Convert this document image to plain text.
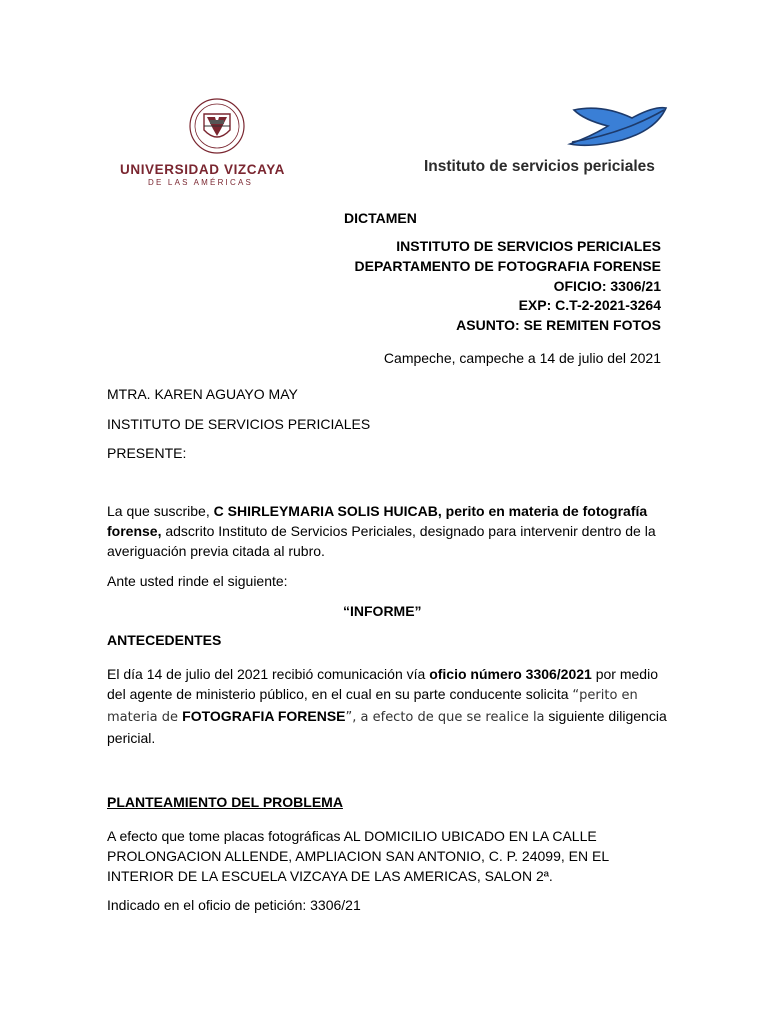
UNIVERSIDAD VIZCAYA
DE LAS AMÉRICAS
Instituto de servicios periciales
DICTAMEN
INSTITUTO DE SERVICIOS PERICIALES
DEPARTAMENTO DE FOTOGRAFIA FORENSE
OFICIO: 3306/21
EXP: C.T-2-2021-3264
ASUNTO: SE REMITEN FOTOS
Campeche, campeche a 14 de julio del 2021
MTRA. KAREN AGUAYO MAY
INSTITUTO DE SERVICIOS PERICIALES
PRESENTE:
La que suscribe, C SHIRLEYMARIA SOLIS HUICAB, perito en materia de fotografía forense, adscrito Instituto de Servicios Periciales, designado para intervenir dentro de la averiguación previa citada al rubro.
Ante usted rinde el siguiente:
“INFORME”
ANTECEDENTES
El día 14 de julio del 2021 recibió comunicación vía oficio número 3306/2021 por medio del agente de ministerio público, en el cual en su parte conducente solicita “perito en materia de FOTOGRAFIA FORENSE”, a efecto de que se realice la siguiente diligencia pericial.
PLANTEAMIENTO DEL PROBLEMA
A efecto que tome placas fotográficas AL DOMICILIO UBICADO EN LA CALLE PROLONGACION ALLENDE, AMPLIACION SAN ANTONIO, C. P. 24099, EN EL INTERIOR DE LA ESCUELA VIZCAYA DE LAS AMERICAS, SALON 2ª.
Indicado en el oficio de petición: 3306/21
